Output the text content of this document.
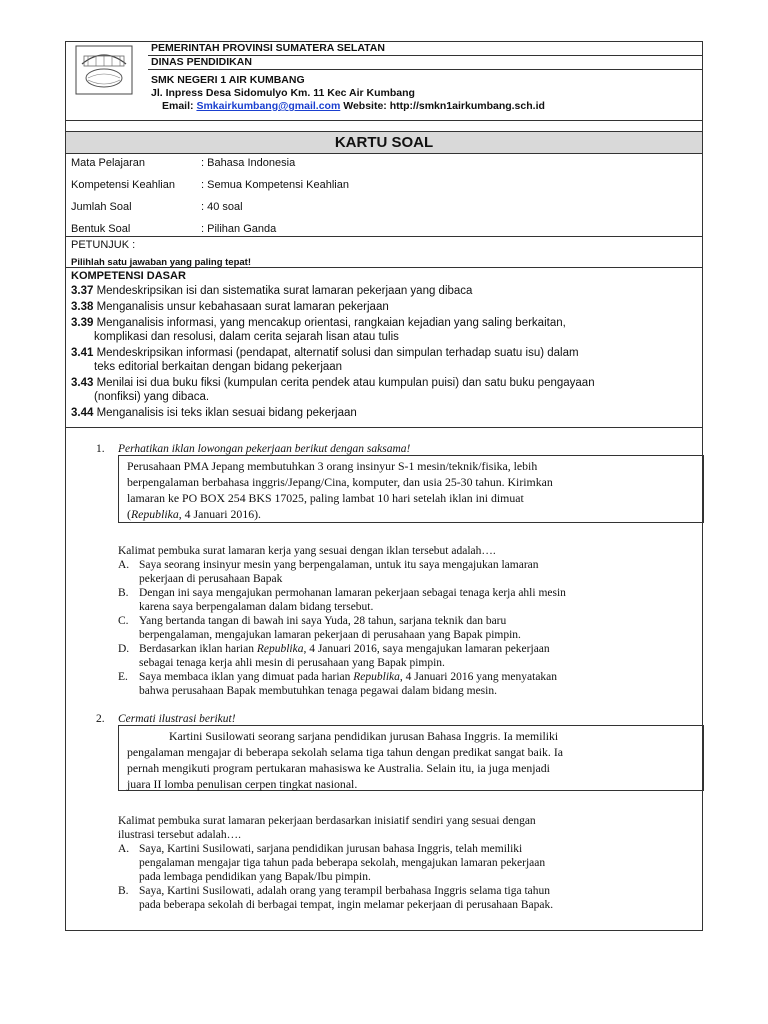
PEMERINTAH PROVINSI SUMATERA SELATAN
DINAS PENDIDIKAN
SMK NEGERI 1 AIR KUMBANG
Jl. Inpress Desa Sidomulyo Km. 11 Kec Air Kumbang
Email: Smkairkumbang@gmail.com Website: http://smkn1airkumbang.sch.id
KARTU SOAL
Mata Pelajaran	: Bahasa Indonesia
Kompetensi Keahlian : Semua Kompetensi Keahlian
Jumlah Soal	: 40 soal
Bentuk Soal	: Pilihan Ganda
PETUNJUK :
Pilihlah satu jawaban yang paling tepat!
KOMPETENSI DASAR
3.37 Mendeskripsikan isi dan sistematika surat lamaran pekerjaan yang dibaca
3.38 Menganalisis unsur kebahasaan surat lamaran pekerjaan
3.39 Menganalisis informasi, yang mencakup orientasi, rangkaian kejadian yang saling berkaitan,
komplikasi dan resolusi, dalam cerita sejarah lisan atau tulis
3.41 Mendeskripsikan informasi (pendapat, alternatif solusi dan simpulan terhadap suatu isu) dalam
teks editorial berkaitan dengan bidang pekerjaan
3.43 Menilai isi dua buku fiksi (kumpulan cerita pendek atau kumpulan puisi) dan satu buku pengayaan
(nonfiksi) yang dibaca.
3.44 Menganalisis isi teks iklan sesuai bidang pekerjaan
1. Perhatikan iklan lowongan pekerjaan berikut dengan saksama!
Perusahaan PMA Jepang membutuhkan 3 orang insinyur S-1 mesin/teknik/fisika, lebih
berpengalaman berbahasa inggris/Jepang/Cina, komputer, dan usia 25-30 tahun. Kirimkan
lamaran ke PO BOX 254 BKS 17025, paling lambat 10 hari setelah iklan ini dimuat
(Republika, 4 Januari 2016).
Kalimat pembuka surat lamaran kerja yang sesuai dengan iklan tersebut adalah….
A. Saya seorang insinyur mesin yang berpengalaman, untuk itu saya mengajukan lamaran
pekerjaan di perusahaan Bapak
B. Dengan ini saya mengajukan permohanan lamaran pekerjaan sebagai tenaga kerja ahli mesin
karena saya berpengalaman dalam bidang tersebut.
C. Yang bertanda tangan di bawah ini saya Yuda, 28 tahun, sarjana teknik dan baru
berpengalaman, mengajukan lamaran pekerjaan di perusahaan yang Bapak pimpin.
D. Berdasarkan iklan harian Republika, 4 Januari 2016, saya mengajukan lamaran pekerjaan
sebagai tenaga kerja ahli mesin di perusahaan yang Bapak pimpin.
E. Saya membaca iklan yang dimuat pada harian Republika, 4 Januari 2016 yang menyatakan
bahwa perusahaan Bapak membutuhkan tenaga pegawai dalam bidang mesin.
2. Cermati ilustrasi berikut!
Kartini Susilowati seorang sarjana pendidikan jurusan Bahasa Inggris. Ia memiliki
pengalaman mengajar di beberapa sekolah selama tiga tahun dengan predikat sangat baik. Ia
pernah mengikuti program pertukaran mahasiswa ke Australia. Selain itu, ia juga menjadi
juara II lomba penulisan cerpen tingkat nasional.
Kalimat pembuka surat lamaran pekerjaan berdasarkan inisiatif sendiri yang sesuai dengan
ilustrasi tersebut adalah….
A. Saya, Kartini Susilowati, sarjana pendidikan jurusan bahasa Inggris, telah memiliki
pengalaman mengajar tiga tahun pada beberapa sekolah, mengajukan lamaran pekerjaan
pada lembaga pendidikan yang Bapak/Ibu pimpin.
B. Saya, Kartini Susilowati, adalah orang yang terampil berbahasa Inggris selama tiga tahun
pada beberapa sekolah di berbagai tempat, ingin melamar pekerjaan di perusahaan Bapak.
